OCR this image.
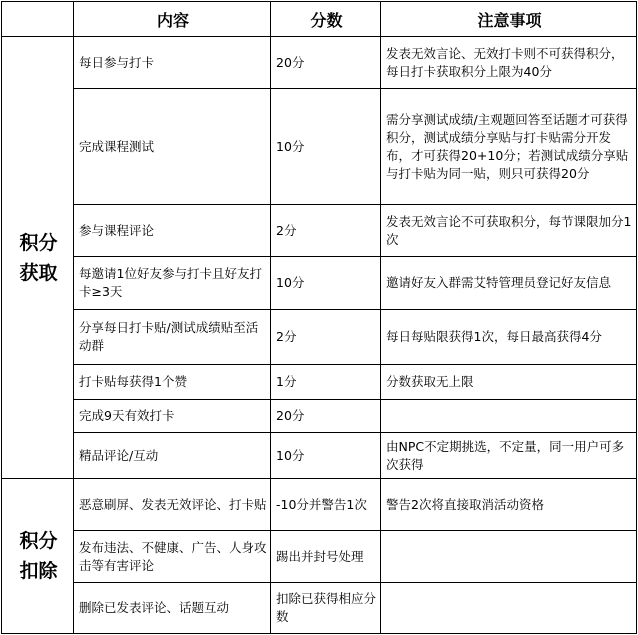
	内容	分数	注意事项

积分
获取	每日参与打卡	20分	发表无效言论、无效打卡则不可获得积分，每日打卡获取积分上限为40分
	完成课程测试	10分	需分享测试成绩/主观题回答至话题才可获得积分，测试成绩分享贴与打卡贴需分开发布，才可获得20+10分；若测试成绩分享贴与打卡贴为同一贴，则只可获得20分
	参与课程评论	2分	发表无效言论不可获取积分，每节课限加分1次
	每邀请1位好友参与打卡且好友打卡≥3天	10分	邀请好友入群需艾特管理员登记好友信息
	分享每日打卡贴/测试成绩贴至活动群	2分	每日每贴限获得1次，每日最高获得4分
	打卡贴每获得1个赞	1分	分数获取无上限
	完成9天有效打卡	20分	
	精品评论/互动	10分	由NPC不定期挑选，不定量，同一用户可多次获得

积分
扣除	恶意刷屏、发表无效评论、打卡贴	-10分并警告1次	警告2次将直接取消活动资格
	发布违法、不健康、广告、人身攻击等有害评论	踢出并封号处理	
	删除已发表评论、话题互动	扣除已获得相应分数	
